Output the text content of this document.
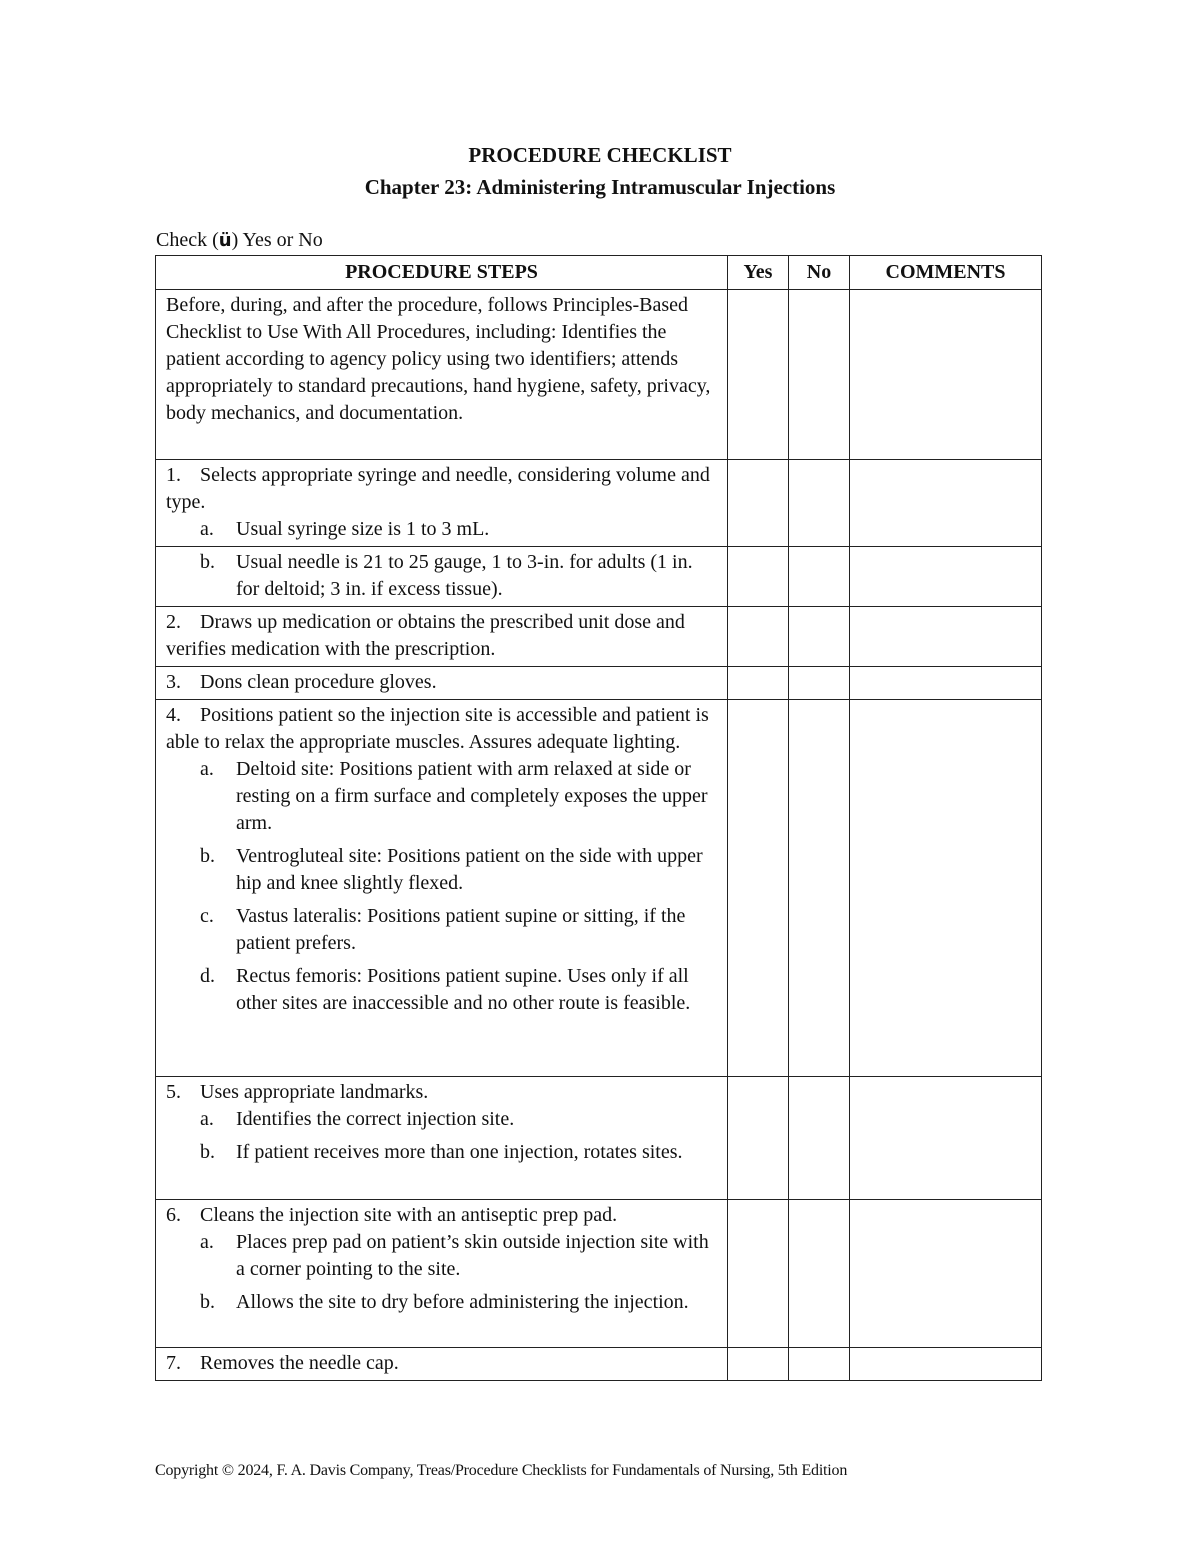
PROCEDURE CHECKLIST
Chapter 23: Administering Intramuscular Injections
Check (ü) Yes or No
PROCEDURE STEPS	Yes	No	COMMENTS
Before, during, and after the procedure, follows Principles-Based Checklist to Use With All Procedures, including: Identifies the patient according to agency policy using two identifiers; attends appropriately to standard precautions, hand hygiene, safety, privacy, body mechanics, and documentation.			

1. Selects appropriate syringe and needle, considering volume and type.
a. Usual syringe size is 1 to 3 mL.			

b. Usual needle is 21 to 25 gauge, 1 to 3-in. for adults (1 in. for deltoid; 3 in. if excess tissue).			

2. Draws up medication or obtains the prescribed unit dose and verifies medication with the prescription.			

3. Dons clean procedure gloves.			

4. Positions patient so the injection site is accessible and patient is able to relax the appropriate muscles. Assures adequate lighting.
a. Deltoid site: Positions patient with arm relaxed at side or resting on a firm surface and completely exposes the upper arm.
b. Ventrogluteal site: Positions patient on the side with upper hip and knee slightly flexed.
c. Vastus lateralis: Positions patient supine or sitting, if the patient prefers.
d. Rectus femoris: Positions patient supine. Uses only if all other sites are inaccessible and no other route is feasible.			

5. Uses appropriate landmarks.
a. Identifies the correct injection site.
b. If patient receives more than one injection, rotates sites.			

6. Cleans the injection site with an antiseptic prep pad.
a. Places prep pad on patient’s skin outside injection site with a corner pointing to the site.
b. Allows the site to dry before administering the injection.			

7. Removes the needle cap.			

Copyright © 2024, F. A. Davis Company, Treas/Procedure Checklists for Fundamentals of Nursing, 5th Edition
